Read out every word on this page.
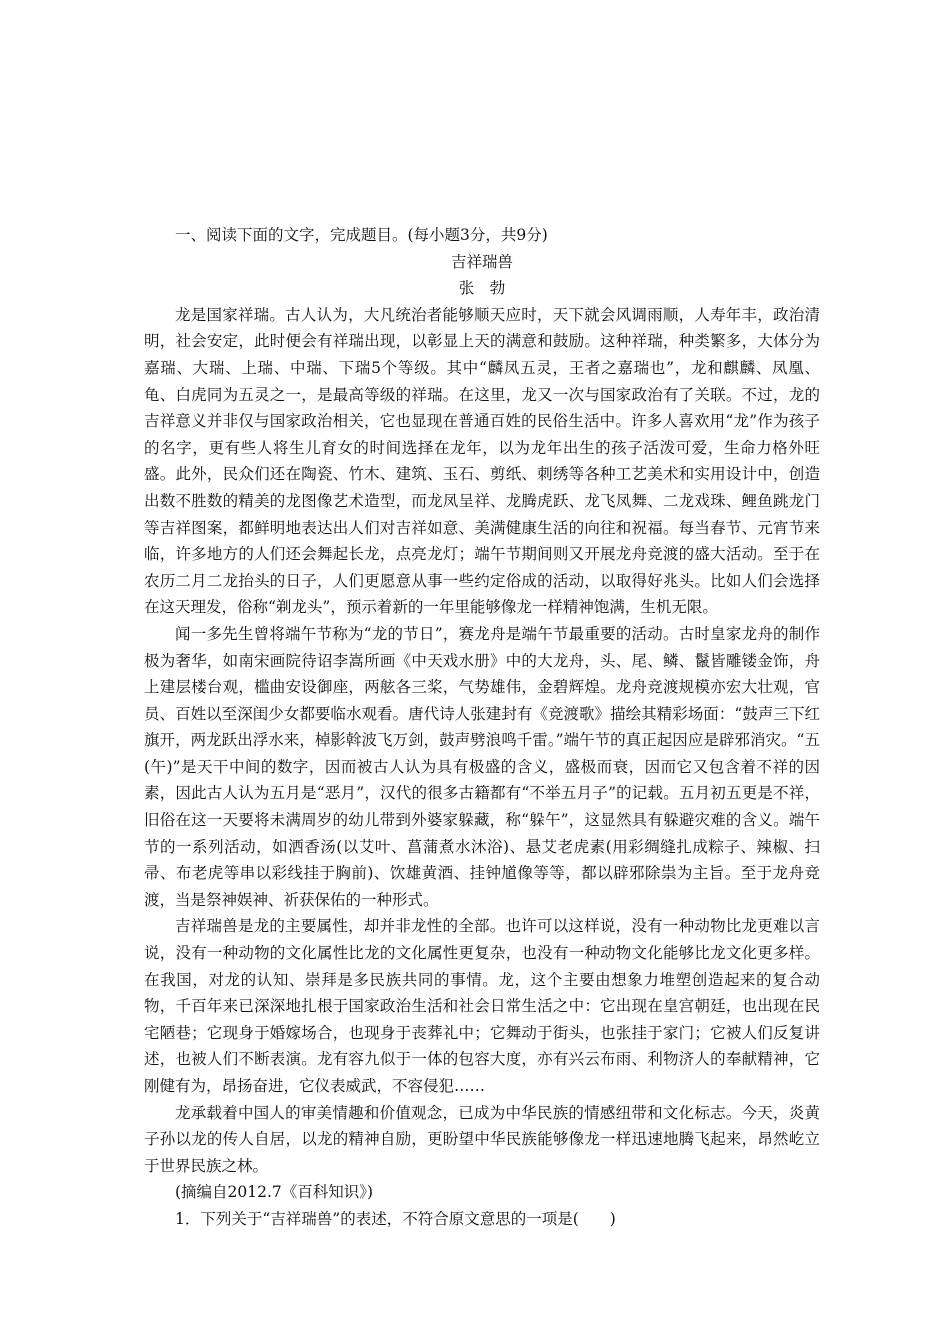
一、阅读下面的文字，完成题目。(每小题3分，共9分)

吉祥瑞兽

张　勃

龙是国家祥瑞。古人认为，大凡统治者能够顺天应时，天下就会风调雨顺，人寿年丰，政治清明，社会安定，此时便会有祥瑞出现，以彰显上天的满意和鼓励。这种祥瑞，种类繁多，大体分为嘉瑞、大瑞、上瑞、中瑞、下瑞5个等级。其中“麟凤五灵，王者之嘉瑞也”，龙和麒麟、凤凰、龟、白虎同为五灵之一，是最高等级的祥瑞。在这里，龙又一次与国家政治有了关联。不过，龙的吉祥意义并非仅与国家政治相关，它也显现在普通百姓的民俗生活中。许多人喜欢用“龙”作为孩子的名字，更有些人将生儿育女的时间选择在龙年，以为龙年出生的孩子活泼可爱，生命力格外旺盛。此外，民众们还在陶瓷、竹木、建筑、玉石、剪纸、刺绣等各种工艺美术和实用设计中，创造出数不胜数的精美的龙图像艺术造型，而龙凤呈祥、龙腾虎跃、龙飞凤舞、二龙戏珠、鲤鱼跳龙门等吉祥图案，都鲜明地表达出人们对吉祥如意、美满健康生活的向往和祝福。每当春节、元宵节来临，许多地方的人们还会舞起长龙，点亮龙灯；端午节期间则又开展龙舟竞渡的盛大活动。至于在农历二月二龙抬头的日子，人们更愿意从事一些约定俗成的活动，以取得好兆头。比如人们会选择在这天理发，俗称“剃龙头”，预示着新的一年里能够像龙一样精神饱满，生机无限。

闻一多先生曾将端午节称为“龙的节日”，赛龙舟是端午节最重要的活动。古时皇家龙舟的制作极为奢华，如南宋画院待诏李嵩所画《中天戏水册》中的大龙舟，头、尾、鳞、鬣皆雕镂金饰，舟上建层楼台观，槛曲安设御座，两舷各三桨，气势雄伟，金碧辉煌。龙舟竞渡规模亦宏大壮观，官员、百姓以至深闺少女都要临水观看。唐代诗人张建封有《竞渡歌》描绘其精彩场面：“鼓声三下红旗开，两龙跃出浮水来，棹影斡波飞万剑，鼓声劈浪鸣千雷。”端午节的真正起因应是辟邪消灾。“五(午)”是天干中间的数字，因而被古人认为具有极盛的含义，盛极而衰，因而它又包含着不祥的因素，因此古人认为五月是“恶月”，汉代的很多古籍都有“不举五月子”的记载。五月初五更是不祥，旧俗在这一天要将未满周岁的幼儿带到外婆家躲藏，称“躲午”，这显然具有躲避灾难的含义。端午节的一系列活动，如洒香汤(以艾叶、菖蒲煮水沐浴)、悬艾老虎素(用彩绸缝扎成粽子、辣椒、扫帚、布老虎等串以彩线挂于胸前)、饮雄黄酒、挂钟馗像等等，都以辟邪除祟为主旨。至于龙舟竞渡，当是祭神娱神、祈获保佑的一种形式。

吉祥瑞兽是龙的主要属性，却并非龙性的全部。也许可以这样说，没有一种动物比龙更难以言说，没有一种动物的文化属性比龙的文化属性更复杂，也没有一种动物文化能够比龙文化更多样。在我国，对龙的认知、崇拜是多民族共同的事情。龙，这个主要由想象力堆塑创造起来的复合动物，千百年来已深深地扎根于国家政治生活和社会日常生活之中：它出现在皇宫朝廷，也出现在民宅陋巷；它现身于婚嫁场合，也现身于丧葬礼中；它舞动于街头，也张挂于家门；它被人们反复讲述，也被人们不断表演。龙有容九似于一体的包容大度，亦有兴云布雨、利物济人的奉献精神，它刚健有为，昂扬奋进，它仪表威武，不容侵犯……

龙承载着中国人的审美情趣和价值观念，已成为中华民族的情感纽带和文化标志。今天，炎黄子孙以龙的传人自居，以龙的精神自励，更盼望中华民族能够像龙一样迅速地腾飞起来，昂然屹立于世界民族之林。

(摘编自2012.7《百科知识》)

1．下列关于“吉祥瑞兽”的表述，不符合原文意思的一项是(　　)
